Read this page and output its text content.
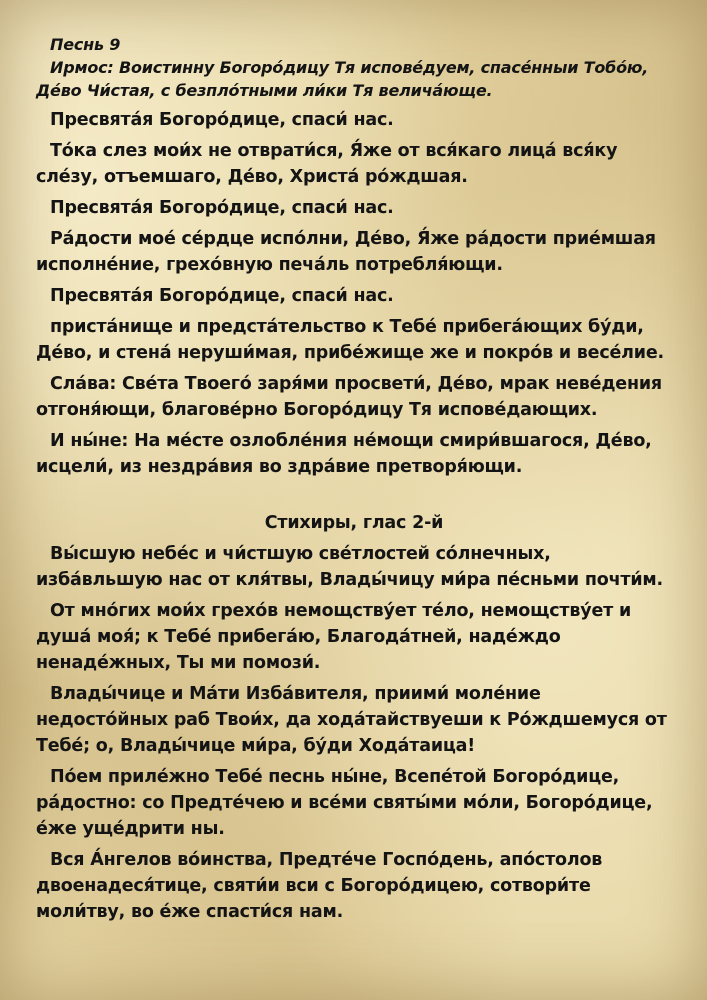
Песнь 9

Ирмос: Воистинну Богоро́дицу Тя испове́дуем, спасе́нныи Тобо́ю, Де́во Чи́стая, с безпло́тными ли́ки Тя велича́юще.

Пресвята́я Богоро́дице, спаси́ нас.

То́ка слез мои́х не отврати́ся, Я́же от вся́каго лица́ вся́ку сле́зу, отъемшаго, Де́во, Христа́ ро́ждшая.

Пресвята́я Богоро́дице, спаси́ нас.

Ра́дости мое́ се́рдце испо́лни, Де́во, Я́же ра́дости прие́мшая исполне́ние, грехо́вную печа́ль потребля́ющи.

Пресвята́я Богоро́дице, спаси́ нас.

приста́нище и предста́тельство к Тебе́ прибега́ющих бу́ди, Де́во, и стена́ неруши́мая, прибе́жище же и покро́в и весе́лие.

Сла́ва: Све́та Твоего́ заря́ми просвети́, Де́во, мрак неве́дения отгоня́ющи, благове́рно Богоро́дицу Тя испове́дающих.

И ны́не: На ме́сте озлобле́ния не́мощи смири́вшагося, Де́во, исцели́, из нездра́вия во здра́вие претворя́ющи.

Стихиры, глас 2-й

Вы́сшую небе́с и чи́стшую све́тлостей со́лнечных, изба́вльшую нас от кля́твы, Влады́чицу ми́ра пе́сньми почти́м.

От мно́гих мои́х грехо́в немощству́ет те́ло, немощству́ет и душа́ моя́; к Тебе́ прибега́ю, Благода́тней, наде́ждо ненаде́жных, Ты ми помози́.

Влады́чице и Ма́ти Изба́вителя, приими́ моле́ние недосто́йных раб Твои́х, да хода́тайствуеши к Ро́ждшемуся от Тебе́; о, Влады́чице ми́ра, бу́ди Хода́таица!

По́ем приле́жно Тебе́ песнь ны́не, Всепе́той Богоро́дице, ра́достно: со Предте́чею и все́ми святы́ми мо́ли, Богоро́дице, е́же уще́дрити ны.

Вся А́нгелов во́инства, Предте́че Госпо́день, апо́столов двоенадеся́тице, святи́и вси с Богоро́дицею, сотвори́те моли́тву, во е́же спасти́ся нам.
